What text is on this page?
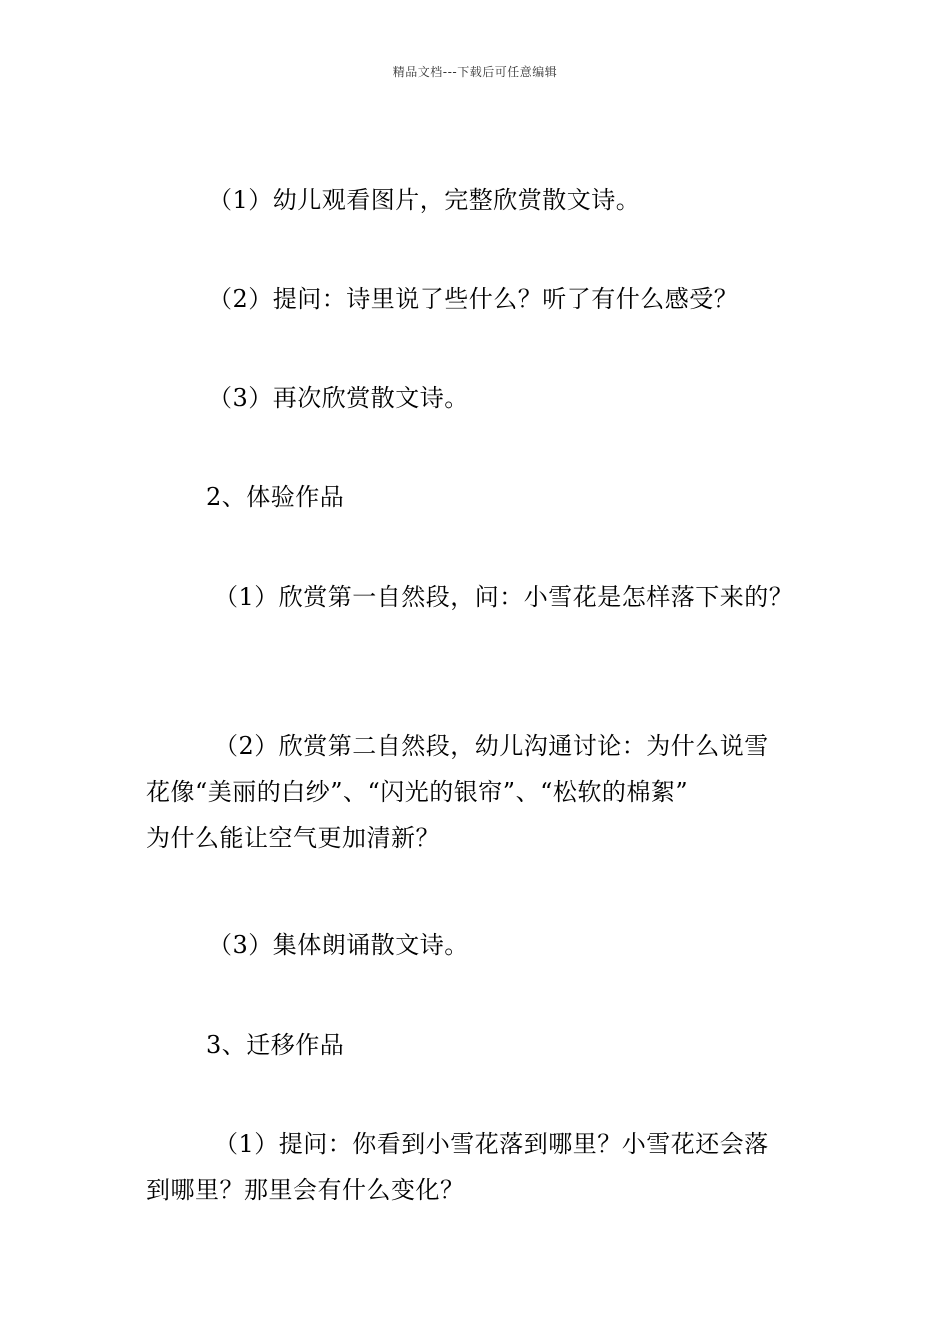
精品文档---下载后可任意编辑
（1）幼儿观看图片，完整欣赏散文诗。
（2）提问：诗里说了些什么？听了有什么感受？
（3）再次欣赏散文诗。
2、体验作品
（1）欣赏第一自然段，问：小雪花是怎样落下来的？
（2）欣赏第二自然段，幼儿沟通讨论：为什么说雪
花像“美丽的白纱”、“闪光的银帘”、“松软的棉絮”
为什么能让空气更加清新？
（3）集体朗诵散文诗。
3、迁移作品
（1）提问：你看到小雪花落到哪里？小雪花还会落
到哪里？那里会有什么变化？
